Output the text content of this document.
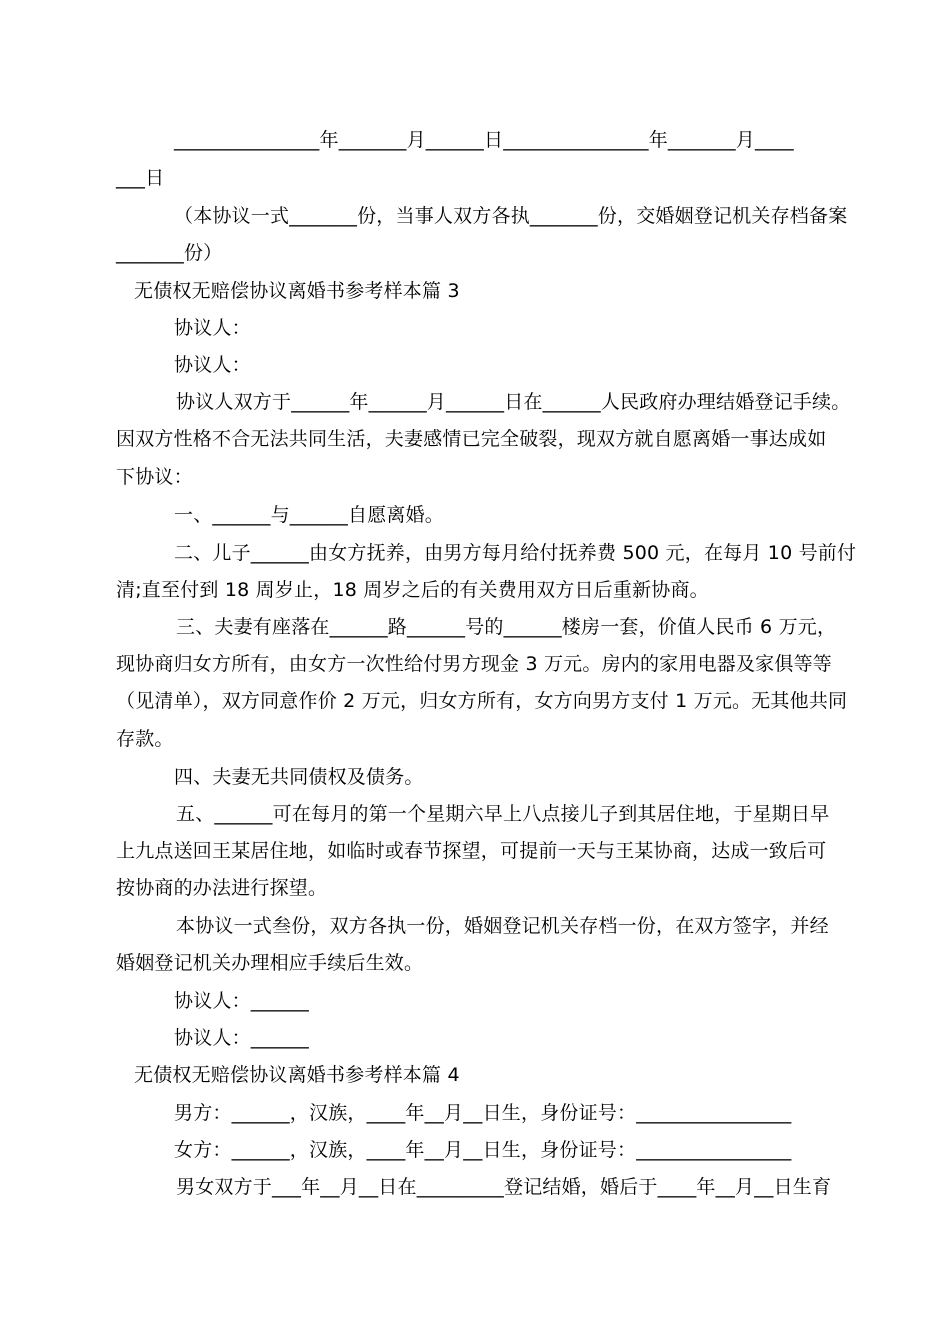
_______________年_______月______日_______________年_______月____
___日
（本协议一式_______份，当事人双方各执_______份，交婚姻登记机关存档备案
_______份）
无债权无赔偿协议离婚书参考样本篇 3
协议人：
协议人：
协议人双方于______年______月______日在______人民政府办理结婚登记手续。
因双方性格不合无法共同生活，夫妻感情已完全破裂，现双方就自愿离婚一事达成如
下协议：
一、______与______自愿离婚。
二、儿子______由女方抚养，由男方每月给付抚养费 500 元，在每月 10 号前付
清;直至付到 18 周岁止，18 周岁之后的有关费用双方日后重新协商。
三、夫妻有座落在______路______号的______楼房一套，价值人民币 6 万元，
现协商归女方所有，由女方一次性给付男方现金 3 万元。房内的家用电器及家俱等等
（见清单），双方同意作价 2 万元，归女方所有，女方向男方支付 1 万元。无其他共同
存款。
四、夫妻无共同债权及债务。
五、______可在每月的第一个星期六早上八点接儿子到其居住地，于星期日早
上九点送回王某居住地，如临时或春节探望，可提前一天与王某协商，达成一致后可
按协商的办法进行探望。
本协议一式叁份，双方各执一份，婚姻登记机关存档一份，在双方签字，并经
婚姻登记机关办理相应手续后生效。
协议人：______
协议人：______
无债权无赔偿协议离婚书参考样本篇 4
男方：______，汉族，____年__月__日生，身份证号：________________
女方：______，汉族，____年__月__日生，身份证号：________________
男女双方于___年__月__日在_________登记结婚，婚后于____年__月__日生育
